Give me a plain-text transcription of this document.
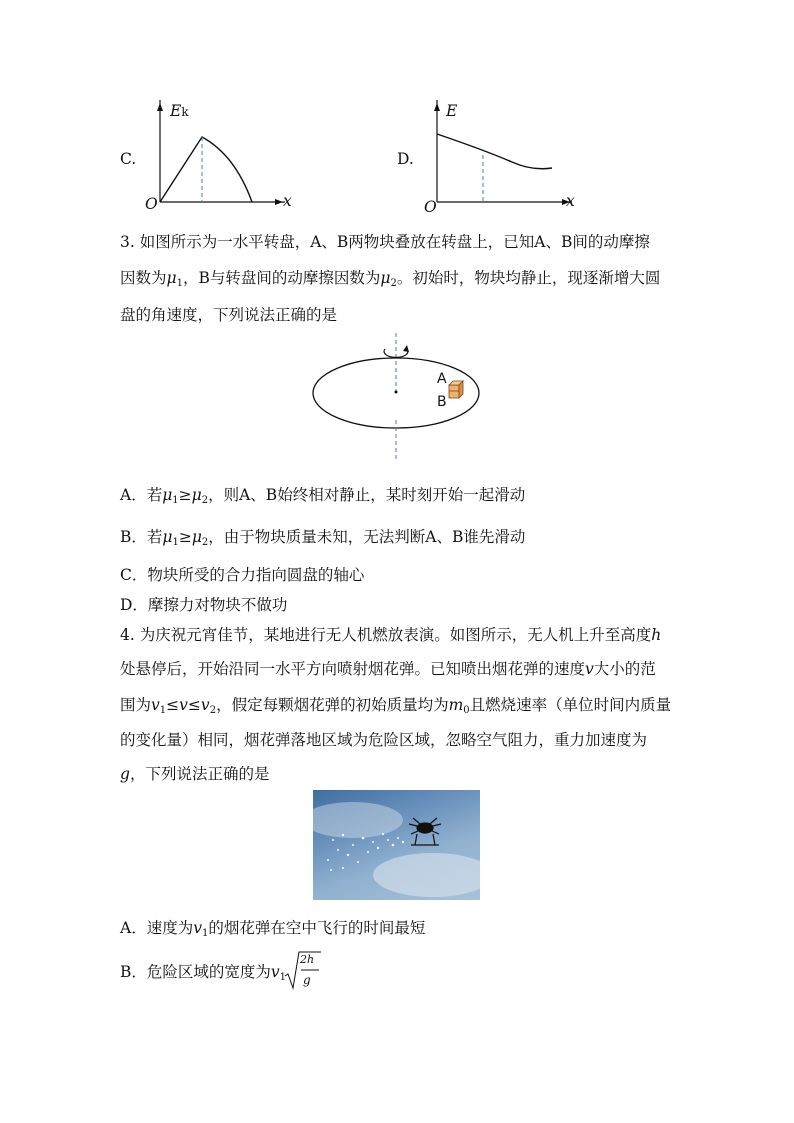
C.
Ek
O	x
D.
E
O	x
3. 如图所示为一水平转盘，A、B两物块叠放在转盘上，已知A、B间的动摩擦
因数为$\mu_1$，B与转盘间的动摩擦因数为$\mu_2$。初始时，物块均静止，现逐渐增大圆
盘的角速度，下列说法正确的是
A
B
A．若$\mu_1\ge\mu_2$，则A、B始终相对静止，某时刻开始一起滑动
B．若$\mu_1\ge\mu_2$，由于物块质量未知，无法判断A、B谁先滑动
C．物块所受的合力指向圆盘的轴心
D．摩擦力对物块不做功
4. 为庆祝元宵佳节，某地进行无人机燃放表演。如图所示，无人机上升至高度h
处悬停后，开始沿同一水平方向喷射烟花弹。已知喷出烟花弹的速度v大小的范
围为$v_1\le v\le v_2$，假定每颗烟花弹的初始质量均为$m_0$且燃烧速率（单位时间内质量
的变化量）相同，烟花弹落地区域为危险区域，忽略空气阻力，重力加速度为
g，下列说法正确的是
A．速度为$v_1$的烟花弹在空中飞行的时间最短
B．危险区域的宽度为$v_1$
2h
g
